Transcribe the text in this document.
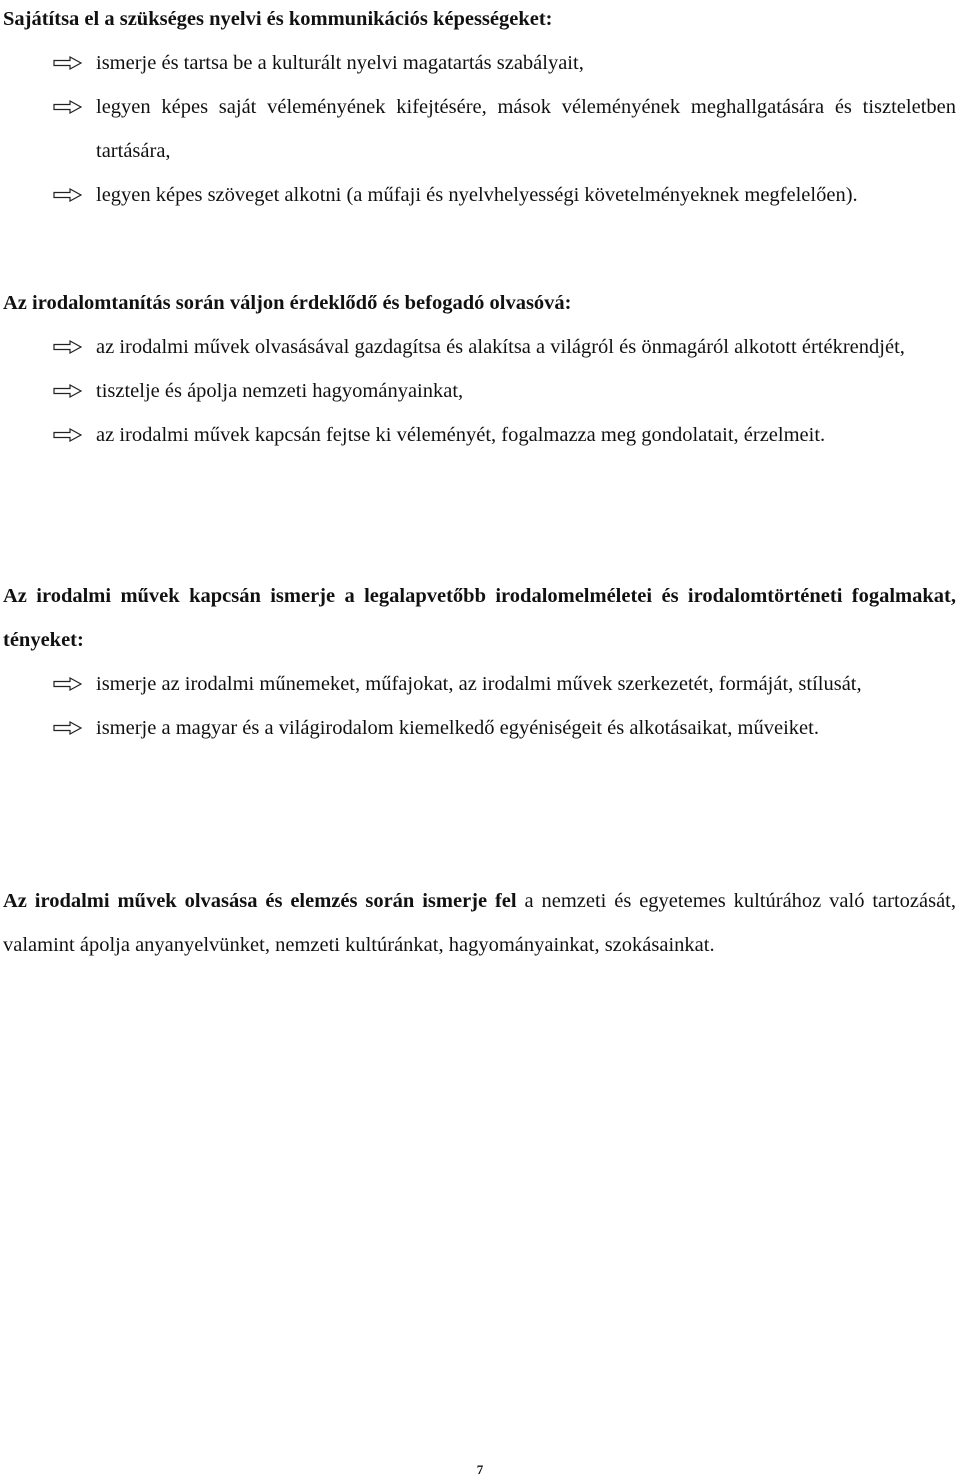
Sajátítsa el a szükséges nyelvi és kommunikációs képességeket:

ismerje és tartsa be a kulturált nyelvi magatartás szabályait,
legyen képes saját véleményének kifejtésére, mások véleményének meghallgatására és tiszteletben tartására,
legyen képes szöveget alkotni (a műfaji és nyelvhelyességi követelményeknek megfelelően).

Az irodalomtanítás során váljon érdeklődő és befogadó olvasóvá:

az irodalmi művek olvasásával gazdagítsa és alakítsa a világról és önmagáról alkotott értékrendjét,
tisztelje és ápolja nemzeti hagyományainkat,
az irodalmi művek kapcsán fejtse ki véleményét, fogalmazza meg gondolatait, érzelmeit.

Az irodalmi művek kapcsán ismerje a legalapvetőbb irodalomelméletei és irodalomtörténeti fogalmakat, tényeket:

ismerje az irodalmi műnemeket, műfajokat, az irodalmi művek szerkezetét, formáját, stílusát,
ismerje a magyar és a világirodalom kiemelkedő egyéniségeit és alkotásaikat, műveiket.

Az irodalmi művek olvasása és elemzés során ismerje fel a nemzeti és egyetemes kultúrához való tartozását, valamint ápolja anyanyelvünket, nemzeti kultúránkat, hagyományainkat, szokásainkat.

7
